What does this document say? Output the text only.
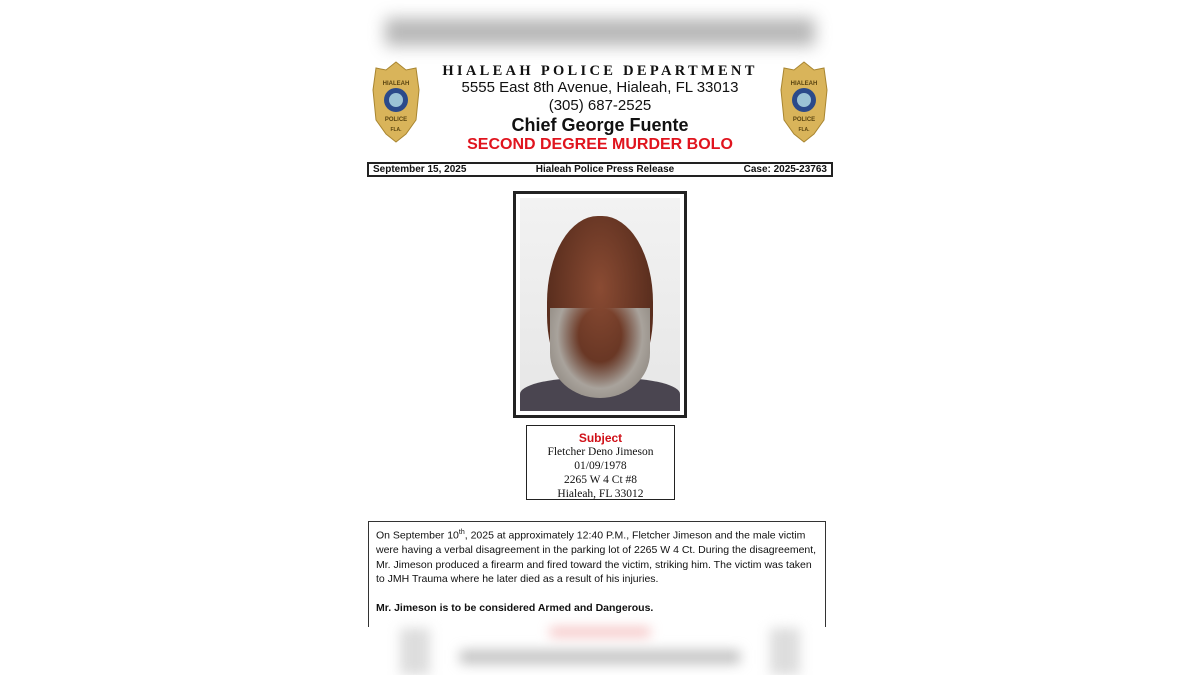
HIALEAH
POLICE
FLA.
HIALEAH
POLICE
FLA.
HIALEAH POLICE DEPARTMENT
5555 East 8th Avenue, Hialeah, FL 33013
(305) 687-2525
Chief George Fuente
SECOND DEGREE MURDER BOLO
September 15, 2025	Hialeah Police Press Release	Case: 2025-23763
Subject
Fletcher Deno Jimeson
01/09/1978
2265 W 4 Ct #8
Hialeah, FL 33012

On September 10th, 2025 at approximately 12:40 P.M., Fletcher Jimeson and the male victim were having a verbal disagreement in the parking lot of 2265 W 4 Ct. During the disagreement, Mr. Jimeson produced a firearm and fired toward the victim, striking him. The victim was taken to JMH Trauma where he later died as a result of his injuries.

Mr. Jimeson is to be considered Armed and Dangerous.
